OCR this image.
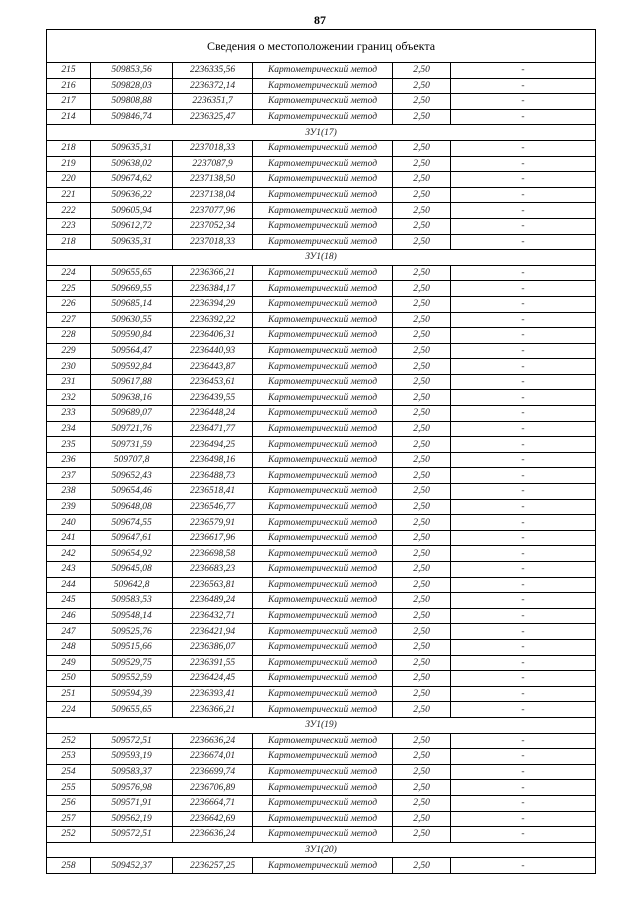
87
Сведения о местоположении границ объекта					
215	509853,56	2236335,56	Картометрический метод	2,50	-
216	509828,03	2236372,14	Картометрический метод	2,50	-
217	509808,88	2236351,7	Картометрический метод	2,50	-
214	509846,74	2236325,47	Картометрический метод	2,50	-
ЗУ1(17)					
218	509635,31	2237018,33	Картометрический метод	2,50	-
219	509638,02	2237087,9	Картометрический метод	2,50	-
220	509674,62	2237138,50	Картометрический метод	2,50	-
221	509636,22	2237138,04	Картометрический метод	2,50	-
222	509605,94	2237077,96	Картометрический метод	2,50	-
223	509612,72	2237052,34	Картометрический метод	2,50	-
218	509635,31	2237018,33	Картометрический метод	2,50	-
ЗУ1(18)					
224	509655,65	2236366,21	Картометрический метод	2,50	-
225	509669,55	2236384,17	Картометрический метод	2,50	-
226	509685,14	2236394,29	Картометрический метод	2,50	-
227	509630,55	2236392,22	Картометрический метод	2,50	-
228	509590,84	2236406,31	Картометрический метод	2,50	-
229	509564,47	2236440,93	Картометрический метод	2,50	-
230	509592,84	2236443,87	Картометрический метод	2,50	-
231	509617,88	2236453,61	Картометрический метод	2,50	-
232	509638,16	2236439,55	Картометрический метод	2,50	-
233	509689,07	2236448,24	Картометрический метод	2,50	-
234	509721,76	2236471,77	Картометрический метод	2,50	-
235	509731,59	2236494,25	Картометрический метод	2,50	-
236	509707,8	2236498,16	Картометрический метод	2,50	-
237	509652,43	2236488,73	Картометрический метод	2,50	-
238	509654,46	2236518,41	Картометрический метод	2,50	-
239	509648,08	2236546,77	Картометрический метод	2,50	-
240	509674,55	2236579,91	Картометрический метод	2,50	-
241	509647,61	2236617,96	Картометрический метод	2,50	-
242	509654,92	2236698,58	Картометрический метод	2,50	-
243	509645,08	2236683,23	Картометрический метод	2,50	-
244	509642,8	2236563,81	Картометрический метод	2,50	-
245	509583,53	2236489,24	Картометрический метод	2,50	-
246	509548,14	2236432,71	Картометрический метод	2,50	-
247	509525,76	2236421,94	Картометрический метод	2,50	-
248	509515,66	2236386,07	Картометрический метод	2,50	-
249	509529,75	2236391,55	Картометрический метод	2,50	-
250	509552,59	2236424,45	Картометрический метод	2,50	-
251	509594,39	2236393,41	Картометрический метод	2,50	-
224	509655,65	2236366,21	Картометрический метод	2,50	-
ЗУ1(19)					
252	509572,51	2236636,24	Картометрический метод	2,50	-
253	509593,19	2236674,01	Картометрический метод	2,50	-
254	509583,37	2236699,74	Картометрический метод	2,50	-
255	509576,98	2236706,89	Картометрический метод	2,50	-
256	509571,91	2236664,71	Картометрический метод	2,50	-
257	509562,19	2236642,69	Картометрический метод	2,50	-
252	509572,51	2236636,24	Картометрический метод	2,50	-
ЗУ1(20)					
258	509452,37	2236257,25	Картометрический метод	2,50	-
